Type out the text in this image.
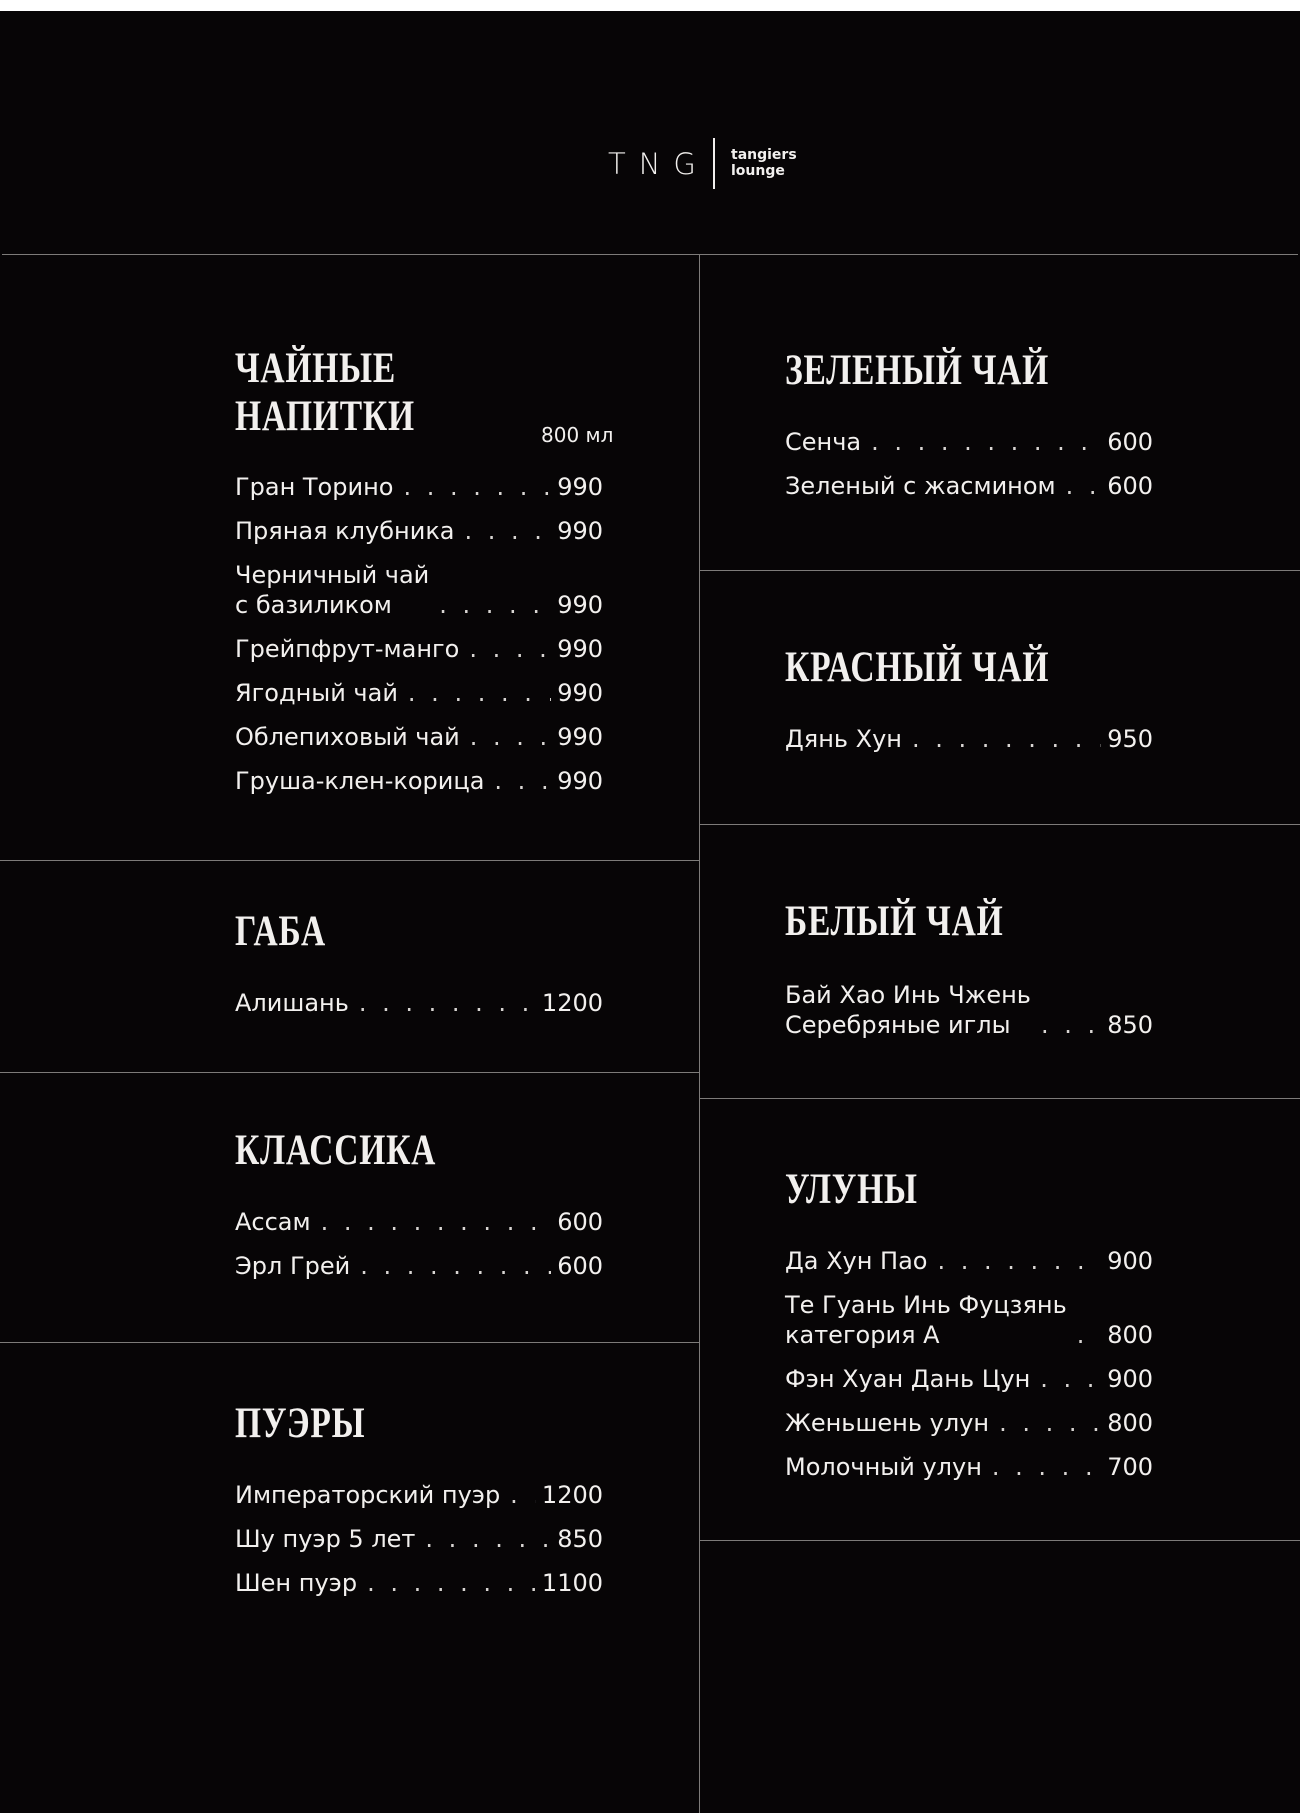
TNG tangiers
lounge
ЧАЙНЫЕ
НАПИТКИ	800 мл
Гран Торино . . .	990
Пряная клубника . . .	990
Черничный чай
с базиликом . . .	990
Грейпфрут-манго . . .	990
Ягодный чай . . .	990
Облепиховый чай . . .	990
Груша-клен-корица . . .	990
ГАБА
Алишань . . .	1200
КЛАССИКА
Ассам . . .	600
Эрл Грей . . .	600
ПУЭРЫ
Императорский пуэр . . . 1200
Шу пуэр 5 лет . . .	850
Шен пуэр . . .	1100
ЗЕЛЕНЫЙ ЧАЙ
Сенча . . .	600
Зеленый с жасмином . . . 600
КРАСНЫЙ ЧАЙ
Дянь Хун . . .	950
БЕЛЫЙ ЧАЙ
Бай Хао Инь Чжень
Серебряные иглы . . .	850
УЛУНЫ
Да Хун Пао . . .	900
Те Гуань Инь Фуцзянь
категория А . . .	800
Фэн Хуан Дань Цун . . .	900
Женьшень улун . . .	800
Молочный улун . . .	700
